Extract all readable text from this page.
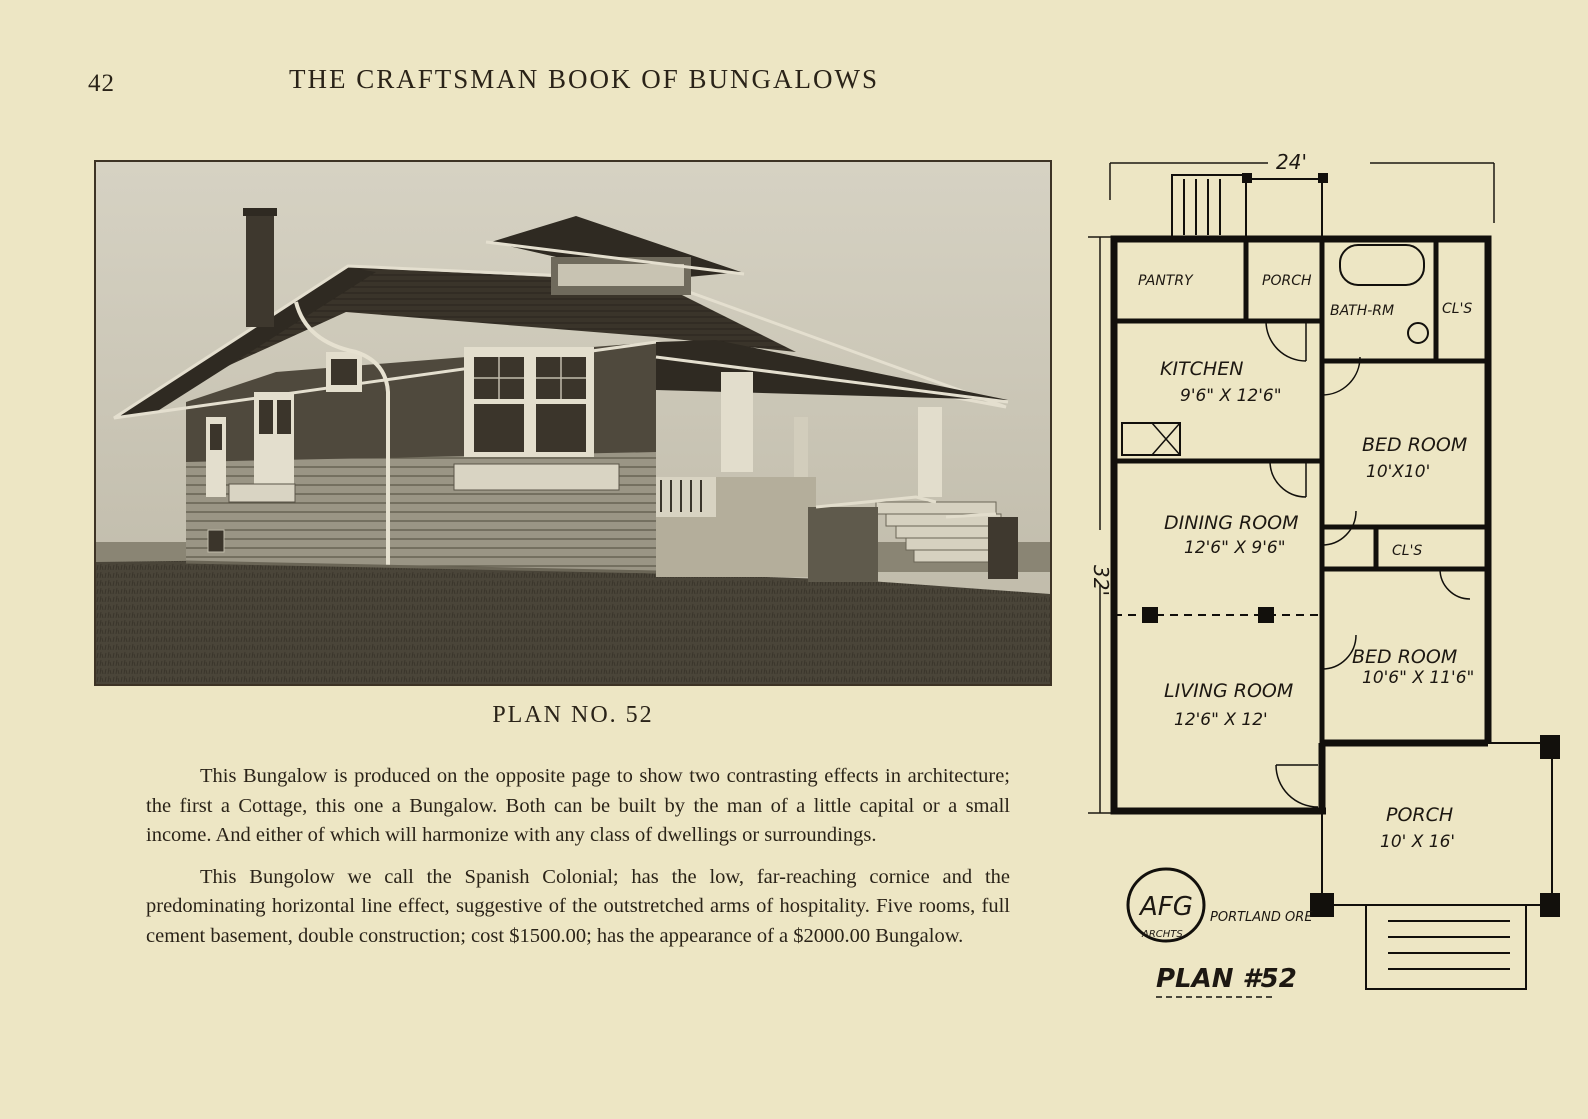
42	THE CRAFTSMAN BOOK OF BUNGALOWS
PLAN NO. 52

This Bungalow is produced on the opposite page to show two contrasting effects in architecture; the first a Cottage, this one a Bungalow. Both can be built by the man of a little capital or a small income. And either of which will harmonize with any class of dwellings or surroundings.

This Bungolow we call the Spanish Colonial; has the low, far-reaching cornice and the predominating horizontal line effect, suggestive of the outstretched arms of hospitality. Five rooms, full cement basement, double construction; cost $1500.00; has the appearance of a $2000.00 Bungalow.

24'
32'
PANTRY	PORCH
BATH-RM	CL'S
KITCHEN
9'6" X 12'6"
BED ROOM
10'X10'
DINING ROOM
12'6" X 9'6"	CL'S
BED ROOM
10'6" X 11'6"
LIVING ROOM
12'6" X 12'
PORCH
10' X 16'
AFG
ARCHTS
PORTLAND ORE
PLAN #52
